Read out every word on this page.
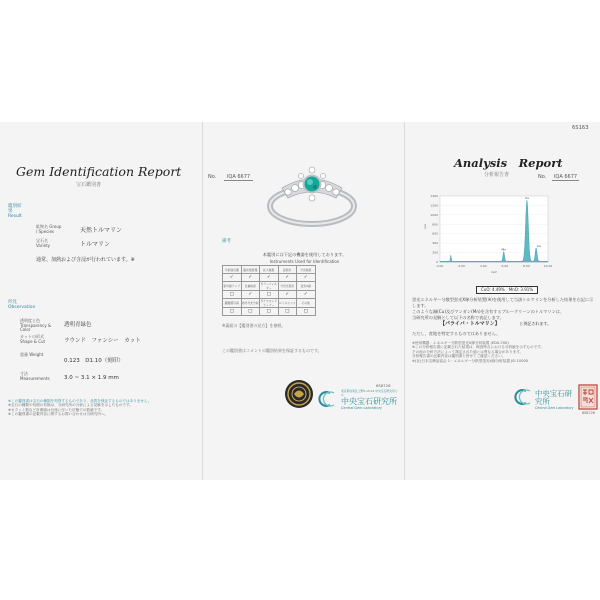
6S163
Gem Identification Report
宝石鑑別書
鑑別結果 Result
鉱物名 Group / Species	天然トルマリン
宝石名 Variety	トルマリン
通常、加熱および含浸が行われています。※
所見 Observation
透明度と色 Transparency & Color
透明青緑色
カットの形式 Shape & Cut	ラウンド　ファンシー　カット
重量 Weight
0.123　D1.10（刻印）
寸法 Measurements	3.0 ~ 3.1 × 1.9 mm
※この鑑別書は宝石の種類を判別するものであり、品質を保証するものではありません。
※宝石の種類や処理の有無は、当研究所の分析による見解を示したものです。
※カラット数など計測値は台座に付いた状態での数値です。
※この鑑別書の記載内容に関するお問い合わせは当研究所へ。
No. IQA 6677
備考
本鑑別には下記の機器を使用しております。
Instruments Used for Identification
分析検出器	偏光検査器	拡大検査	屈折計	分光検査
✓	✓	✓	✓	✓
紫外線ランプ	比重検査	カラーフィルター	分光光度計	蛍光X線
□	✓	□	✓	✓
顕微鏡写真	赤外分光分析	ダイヤモンドビュアー	ルミネセンス	その他
□	□	□	□	□
※裏面の【鑑別書の見方】を参照。
この鑑別書はコメントの鑑別結果を保証するものです。
6S8726
東京都台東区上野5-15-14 中央宝石研究所ビル
中央宝石研究所
Central Gem Laboratory
Analysis　Report
分析報告書	No. IQA 6677
1400
1200
1000
800
600
400
200
0
0.00	2.00	4.00	6.00	8.00	10.00
cps
keV
Mn
Cu
Cu
CuO: 4.49%　MnO: 3.91%
蛍光エネルギー分散型蛍光X線分析装置(※)を使用して当該トルマリンを分析した結果を右記に示します。
このような銅(Cu)及びマンガン(Mn)を含有するブルーグリーンのトルマリンは、
当研究所の見解として以下の名称で表記します。
【パライバ・トルマリン】	と併記されます。
ただし、産地を特定するものではありません。
※使用機器：エネルギー分散型蛍光X線分析装置 (EDX-700)
※この分析報告書に記載された結果は、検査時点における分析値を示すものです。
その他の分析方法によって測定された値とは異なる場合があります。
分析報告書の記載内容は鑑別書と併せてご確認ください。
※(社)日本宝飾品協会 1・エネルギー分散型蛍光X線分析装置 JSI 10000
6S8726
中央宝石研究所
Central Gem Laboratory
